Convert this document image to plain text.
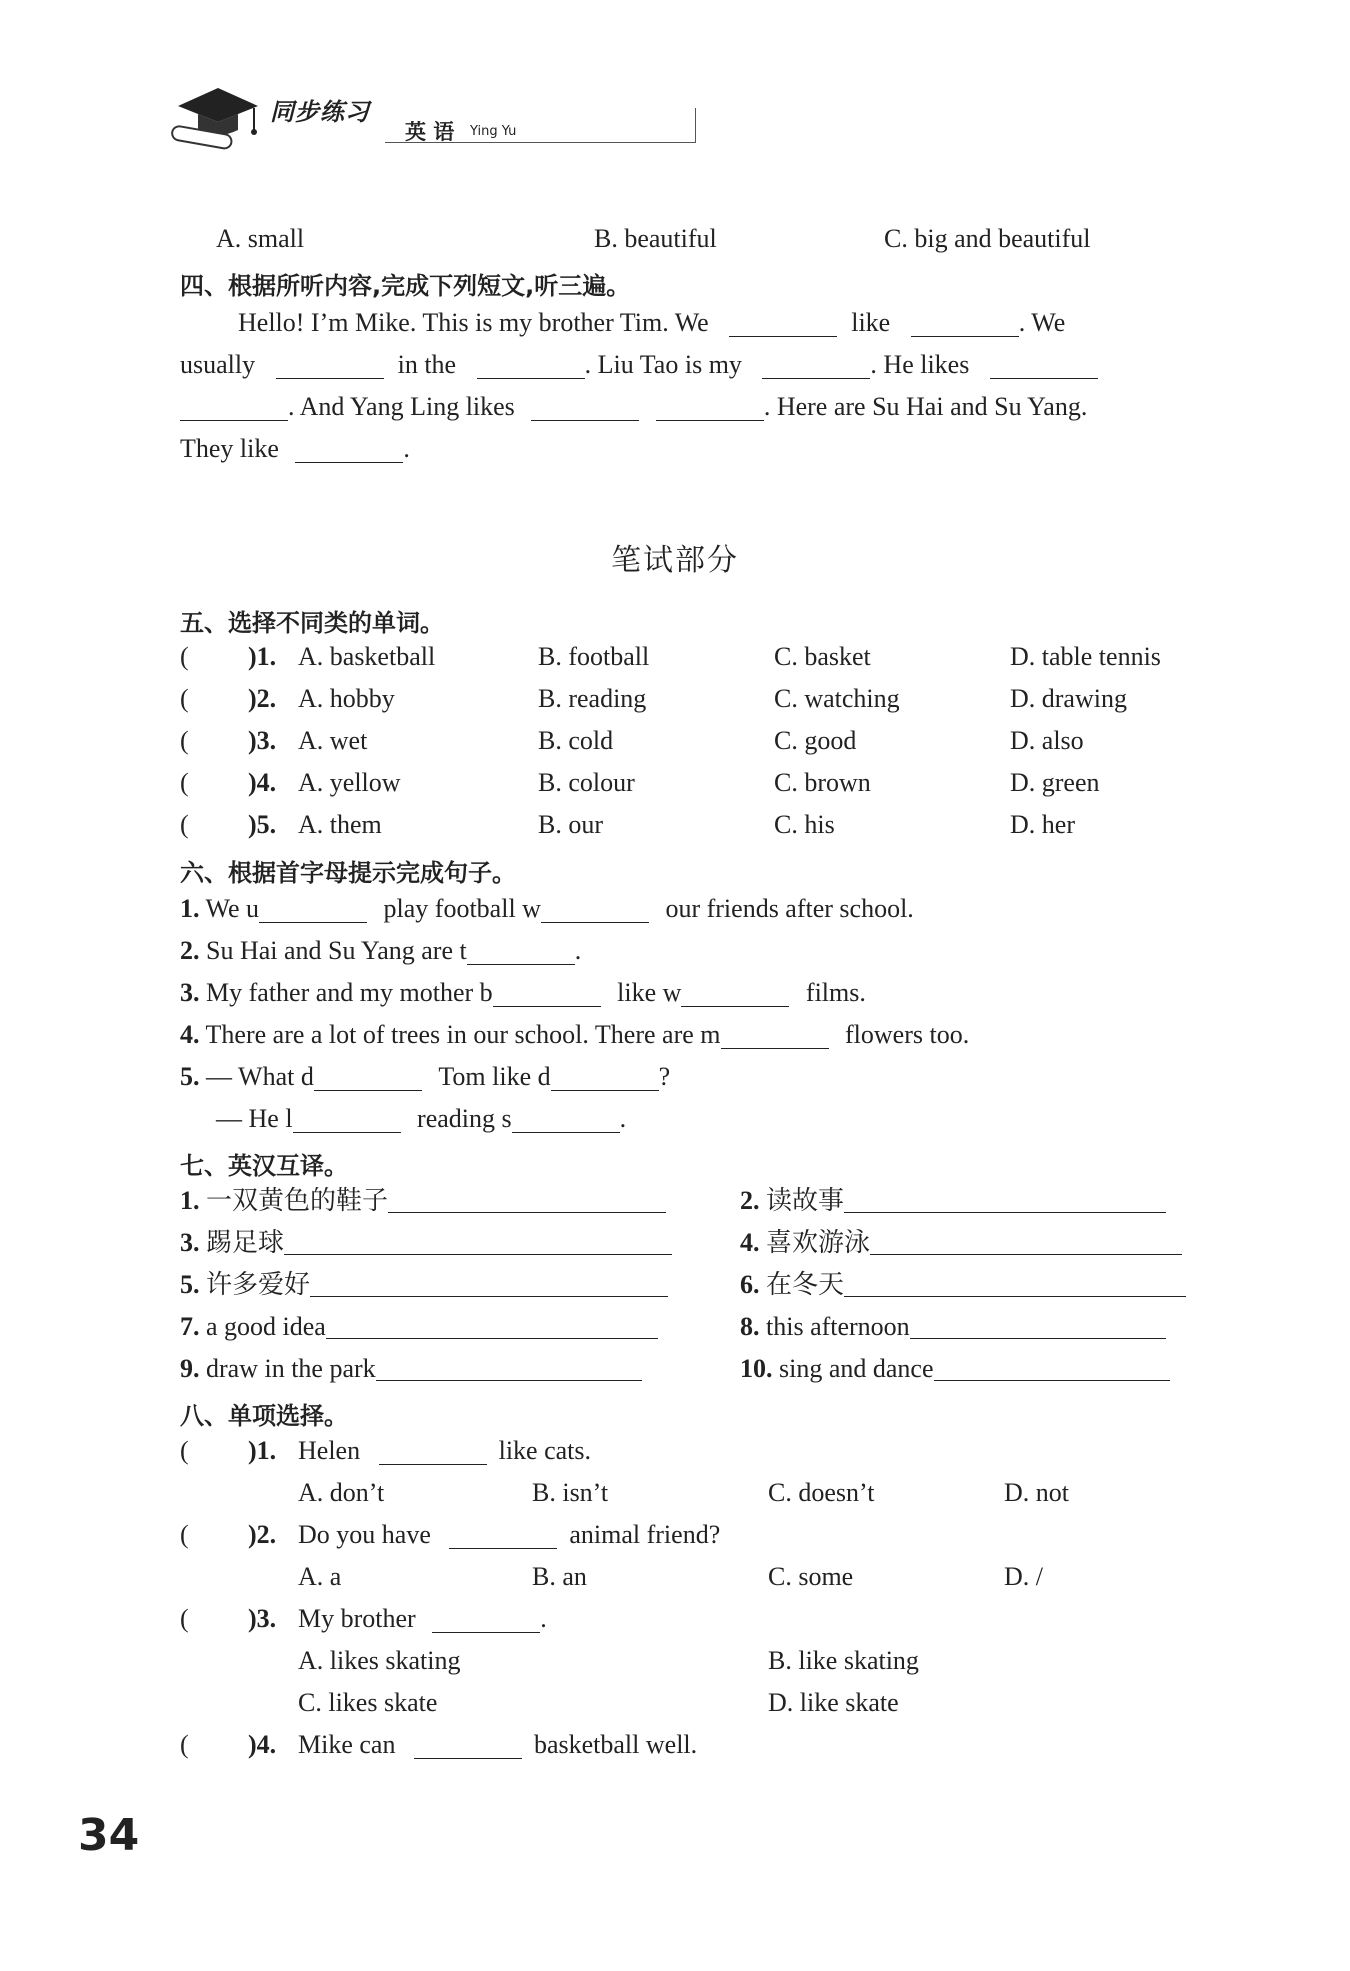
同步练习
英 语 Ying Yu
A. small	B. beautiful	C. big and beautiful
四、根据所听内容,完成下列短文,听三遍。
Hello! I’m Mike. This is my brother Tim. We	like	. We
usually	in the	. Liu Tao is my	. He likes
. And Yang Ling likes	. Here are Su Hai and Su Yang.
They like	.
笔试部分
五、选择不同类的单词。
( )1. A. basketball	B. football	C. basket	D. table tennis
( )2. A. hobby	B. reading	C. watching	D. drawing
( )3. A. wet	B. cold	C. good	D. also
( )4. A. yellow	B. colour	C. brown	D. green
( )5. A. them	B. our	C. his	D. her
六、根据首字母提示完成句子。
1. We u	play football w	our friends after school.
2. Su Hai and Su Yang are t	.
3. My father and my mother b	like w	films.
4. There are a lot of trees in our school. There are m	flowers too.
5. — What d	Tom like d	?
— He l	reading s	.
七、英汉互译。
1. 一双黄色的鞋子	2. 读故事
3. 踢足球	4. 喜欢游泳
5. 许多爱好	6. 在冬天
7. a good idea	8. this afternoon
9. draw in the park	10. sing and dance
八、单项选择。
( )1. Helen	like cats.
A. don’t	B. isn’t	C. doesn’t	D. not
( )2. Do you have	animal friend?
A. a	B. an	C. some	D. /
( )3. My brother	.
A. likes skating	B. like skating
C. likes skate	D. like skate
( )4. Mike can	basketball well.
34
